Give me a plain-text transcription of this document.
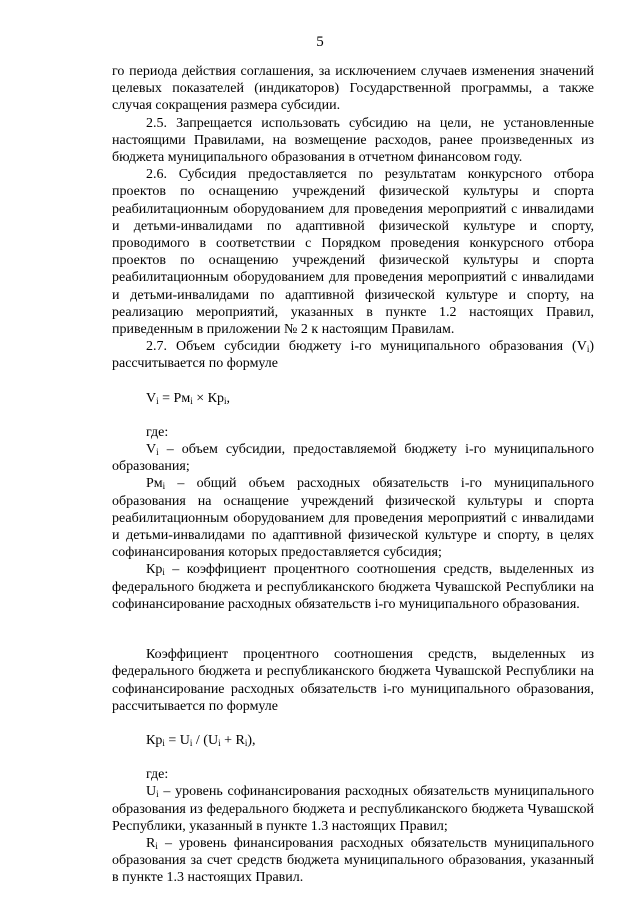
5

го периода действия соглашения, за исключением случаев изменения значений целевых показателей (индикаторов) Государственной программы, а также случая сокращения размера субсидии.

2.5. Запрещается использовать субсидию на цели, не установленные настоящими Правилами, на возмещение расходов, ранее произведенных из бюджета муниципального образования в отчетном финансовом году.

2.6. Субсидия предоставляется по результатам конкурсного отбора проектов по оснащению учреждений физической культуры и спорта реабилитационным оборудованием для проведения мероприятий с инвалидами и детьми-инвалидами по адаптивной физической культуре и спорту, проводимого в соответствии с Порядком проведения конкурсного отбора проектов по оснащению учреждений физической культуры и спорта реабилитационным оборудованием для проведения мероприятий с инвалидами и детьми-инвалидами по адаптивной физической культуре и спорту, на реализацию мероприятий, указанных в пункте 1.2 настоящих Правил, приведенным в приложении № 2 к настоящим Правилам.

2.7. Объем субсидии бюджету i-го муниципального образования $(V_i)$ рассчитывается по формуле

$V_i = Рм_i \times Кр_i$,

где:

$V_i$ – объем субсидии, предоставляемой бюджету i-го муниципального образования;

$Рм_i$ – общий объем расходных обязательств i-го муниципального образования на оснащение учреждений физической культуры и спорта реабилитационным оборудованием для проведения мероприятий с инвалидами и детьми-инвалидами по адаптивной физической культуре и спорту, в целях софинансирования которых предоставляется субсидия;

$Кр_i$ – коэффициент процентного соотношения средств, выделенных из федерального бюджета и республиканского бюджета Чувашской Республики на софинансирование расходных обязательств i-го муниципального образования.

Коэффициент процентного соотношения средств, выделенных из федерального бюджета и республиканского бюджета Чувашской Республики на софинансирование расходных обязательств i-го муниципального образования, рассчитывается по формуле

$Кр_i = U_i / (U_i + R_i)$,

где:

$U_i$ – уровень софинансирования расходных обязательств муниципального образования из федерального бюджета и республиканского бюджета Чувашской Республики, указанный в пункте 1.3 настоящих Правил;

$R_i$ – уровень финансирования расходных обязательств муниципального образования за счет средств бюджета муниципального образования, указанный в пункте 1.3 настоящих Правил.
